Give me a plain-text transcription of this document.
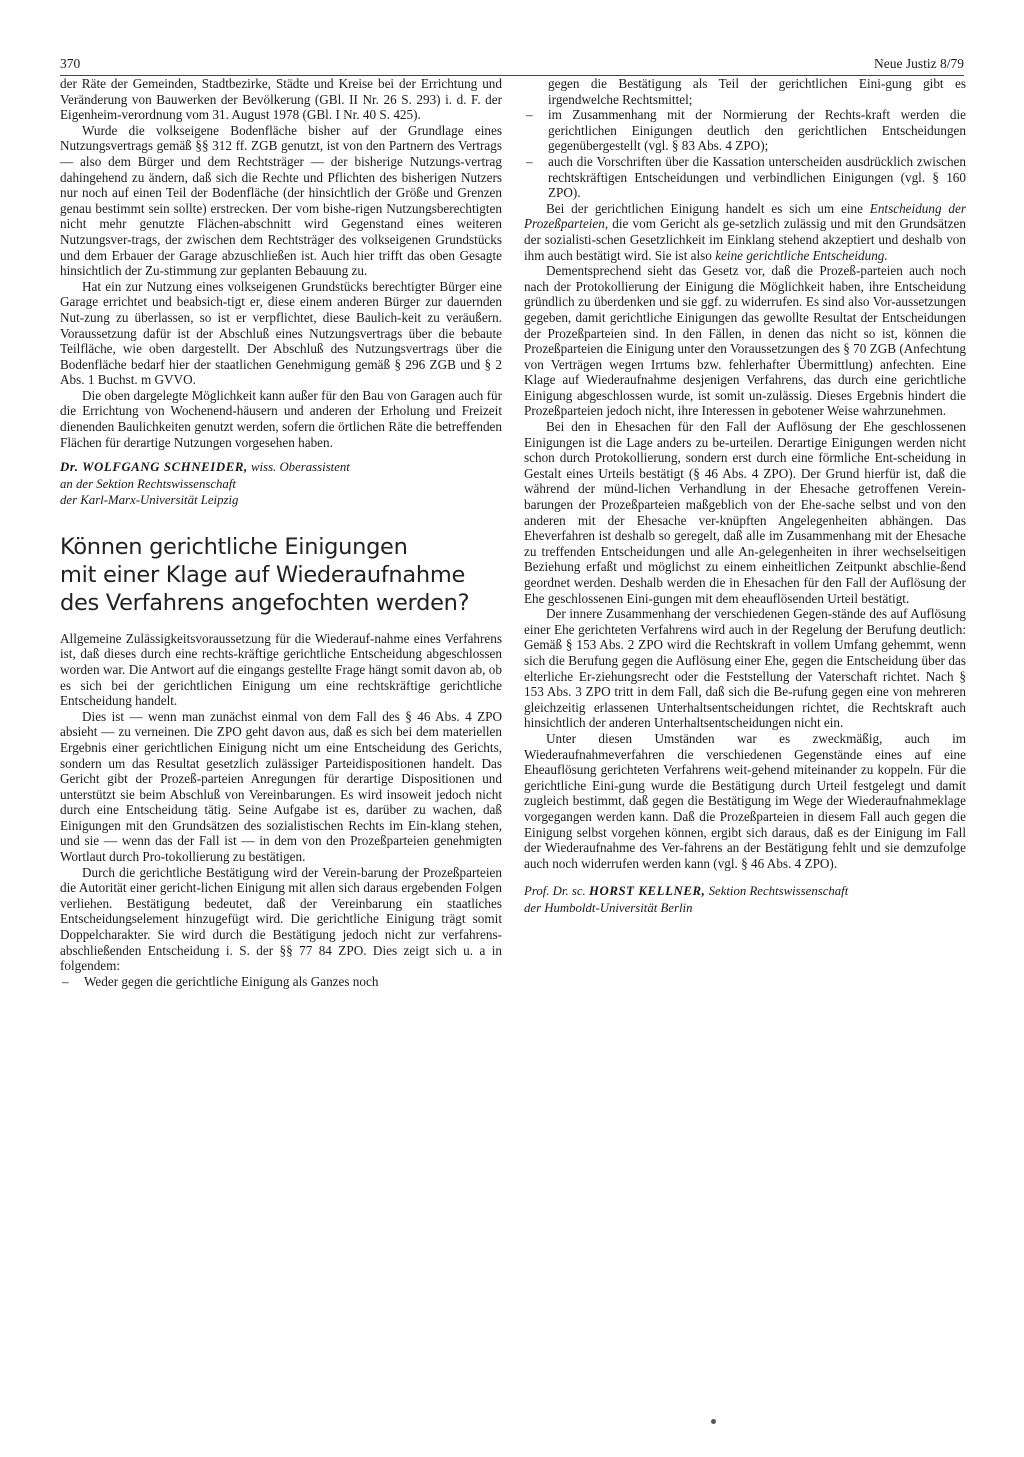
370	Neue Justiz 8/79

der Räte der Gemeinden, Stadtbezirke, Städte und Kreise bei der Errichtung und Veränderung von Bauwerken der Bevölkerung (GBl. II Nr. 26 S. 293) i. d. F. der Eigenheim-verordnung vom 31. August 1978 (GBl. I Nr. 40 S. 425).

Wurde die volkseigene Bodenfläche bisher auf der Grundlage eines Nutzungsvertrags gemäß §§ 312 ff. ZGB genutzt, ist von den Partnern des Vertrags — also dem Bürger und dem Rechtsträger — der bisherige Nutzungs-vertrag dahingehend zu ändern, daß sich die Rechte und Pflichten des bisherigen Nutzers nur noch auf einen Teil der Bodenfläche (der hinsichtlich der Größe und Grenzen genau bestimmt sein sollte) erstrecken. Der vom bishe-rigen Nutzungsberechtigten nicht mehr genutzte Flächen-abschnitt wird Gegenstand eines weiteren Nutzungsver-trags, der zwischen dem Rechtsträger des volkseigenen Grundstücks und dem Erbauer der Garage abzuschließen ist. Auch hier trifft das oben Gesagte hinsichtlich der Zu-stimmung zur geplanten Bebauung zu.

Hat ein zur Nutzung eines volkseigenen Grundstücks berechtigter Bürger eine Garage errichtet und beabsich-tigt er, diese einem anderen Bürger zur dauernden Nut-zung zu überlassen, so ist er verpflichtet, diese Baulich-keit zu veräußern. Voraussetzung dafür ist der Abschluß eines Nutzungsvertrags über die bebaute Teilfläche, wie oben dargestellt. Der Abschluß des Nutzungsvertrags über die Bodenfläche bedarf hier der staatlichen Genehmigung gemäß § 296 ZGB und § 2 Abs. 1 Buchst. m GVVO.

Die oben dargelegte Möglichkeit kann außer für den Bau von Garagen auch für die Errichtung von Wochenend-häusern und anderen der Erholung und Freizeit dienenden Baulichkeiten genutzt werden, sofern die örtlichen Räte die betreffenden Flächen für derartige Nutzungen vorgesehen haben.

Dr. WOLFGANG SCHNEIDER, wiss. Oberassistent
an der Sektion Rechtswissenschaft
der Karl-Marx-Universität Leipzig
Können gerichtliche Einigungen
mit einer Klage auf Wiederaufnahme
des Verfahrens angefochten werden?

Allgemeine Zulässigkeitsvoraussetzung für die Wiederauf-nahme eines Verfahrens ist, daß dieses durch eine rechts-kräftige gerichtliche Entscheidung abgeschlossen worden war. Die Antwort auf die eingangs gestellte Frage hängt somit davon ab, ob es sich bei der gerichtlichen Einigung um eine rechtskräftige gerichtliche Entscheidung handelt.

Dies ist — wenn man zunächst einmal von dem Fall des § 46 Abs. 4 ZPO absieht — zu verneinen. Die ZPO geht davon aus, daß es sich bei dem materiellen Ergebnis einer gerichtlichen Einigung nicht um eine Entscheidung des Gerichts, sondern um das Resultat gesetzlich zulässiger Parteidispositionen handelt. Das Gericht gibt der Prozeß-parteien Anregungen für derartige Dispositionen und unterstützt sie beim Abschluß von Vereinbarungen. Es wird insoweit jedoch nicht durch eine Entscheidung tätig. Seine Aufgabe ist es, darüber zu wachen, daß Einigungen mit den Grundsätzen des sozialistischen Rechts im Ein-klang stehen, und sie — wenn das der Fall ist — in dem von den Prozeßparteien genehmigten Wortlaut durch Pro-tokollierung zu bestätigen.

Durch die gerichtliche Bestätigung wird der Verein-barung der Prozeßparteien die Autorität einer gericht-lichen Einigung mit allen sich daraus ergebenden Folgen verliehen. Bestätigung bedeutet, daß der Vereinbarung ein staatliches Entscheidungselement hinzugefügt wird. Die gerichtliche Einigung trägt somit Doppelcharakter. Sie wird durch die Bestätigung jedoch nicht zur verfahrens-abschließenden Entscheidung i. S. der §§ 77 84 ZPO. Dies zeigt sich u. a in folgendem:

– Weder gegen die gerichtliche Einigung als Ganzes noch
gegen die Bestätigung als Teil der gerichtlichen Eini-gung gibt es irgendwelche Rechtsmittel;
– im Zusammenhang mit der Normierung der Rechts-kraft werden die gerichtlichen Einigungen deutlich den gerichtlichen Entscheidungen gegenübergestellt (vgl. § 83 Abs. 4 ZPO);
– auch die Vorschriften über die Kassation unterscheiden ausdrücklich zwischen rechtskräftigen Entscheidungen und verbindlichen Einigungen (vgl. § 160 ZPO).

Bei der gerichtlichen Einigung handelt es sich um eine Entscheidung der Prozeßparteien, die vom Gericht als ge-setzlich zulässig und mit den Grundsätzen der sozialisti-schen Gesetzlichkeit im Einklang stehend akzeptiert und deshalb von ihm auch bestätigt wird. Sie ist also keine gerichtliche Entscheidung.

Dementsprechend sieht das Gesetz vor, daß die Prozeß-parteien auch noch nach der Protokollierung der Einigung die Möglichkeit haben, ihre Entscheidung gründlich zu überdenken und sie ggf. zu widerrufen. Es sind also Vor-aussetzungen gegeben, damit gerichtliche Einigungen das gewollte Resultat der Entscheidungen der Prozeßparteien sind. In den Fällen, in denen das nicht so ist, können die Prozeßparteien die Einigung unter den Voraussetzungen des § 70 ZGB (Anfechtung von Verträgen wegen Irrtums bzw. fehlerhafter Übermittlung) anfechten. Eine Klage auf Wiederaufnahme desjenigen Verfahrens, das durch eine gerichtliche Einigung abgeschlossen wurde, ist somit un-zulässig. Dieses Ergebnis hindert die Prozeßparteien jedoch nicht, ihre Interessen in gebotener Weise wahrzunehmen.

Bei den in Ehesachen für den Fall der Auflösung der Ehe geschlossenen Einigungen ist die Lage anders zu be-urteilen. Derartige Einigungen werden nicht schon durch Protokollierung, sondern erst durch eine förmliche Ent-scheidung in Gestalt eines Urteils bestätigt (§ 46 Abs. 4 ZPO). Der Grund hierfür ist, daß die während der münd-lichen Verhandlung in der Ehesache getroffenen Verein-barungen der Prozeßparteien maßgeblich von der Ehe-sache selbst und von den anderen mit der Ehesache ver-knüpften Angelegenheiten abhängen. Das Eheverfahren ist deshalb so geregelt, daß alle im Zusammenhang mit der Ehesache zu treffenden Entscheidungen und alle An-gelegenheiten in ihrer wechselseitigen Beziehung erfaßt und möglichst zu einem einheitlichen Zeitpunkt abschlie-ßend geordnet werden. Deshalb werden die in Ehesachen für den Fall der Auflösung der Ehe geschlossenen Eini-gungen mit dem eheauflösenden Urteil bestätigt.

Der innere Zusammenhang der verschiedenen Gegen-stände des auf Auflösung einer Ehe gerichteten Verfahrens wird auch in der Regelung der Berufung deutlich: Gemäß § 153 Abs. 2 ZPO wird die Rechtskraft in vollem Umfang gehemmt, wenn sich die Berufung gegen die Auflösung einer Ehe, gegen die Entscheidung über das elterliche Er-ziehungsrecht oder die Feststellung der Vaterschaft richtet. Nach § 153 Abs. 3 ZPO tritt in dem Fall, daß sich die Be-rufung gegen eine von mehreren gleichzeitig erlassenen Unterhaltsentscheidungen richtet, die Rechtskraft auch hinsichtlich der anderen Unterhaltsentscheidungen nicht ein.

Unter diesen Umständen war es zweckmäßig, auch im Wiederaufnahmeverfahren die verschiedenen Gegenstände eines auf eine Eheauflösung gerichteten Verfahrens weit-gehend miteinander zu koppeln. Für die gerichtliche Eini-gung wurde die Bestätigung durch Urteil festgelegt und damit zugleich bestimmt, daß gegen die Bestätigung im Wege der Wiederaufnahmeklage vorgegangen werden kann. Daß die Prozeßparteien in diesem Fall auch gegen die Einigung selbst vorgehen können, ergibt sich daraus, daß es der Einigung im Fall der Wiederaufnahme des Ver-fahrens an der Bestätigung fehlt und sie demzufolge auch noch widerrufen werden kann (vgl. § 46 Abs. 4 ZPO).

Prof. Dr. sc. HORST KELLNER, Sektion Rechtswissenschaft
der Humboldt-Universität Berlin
